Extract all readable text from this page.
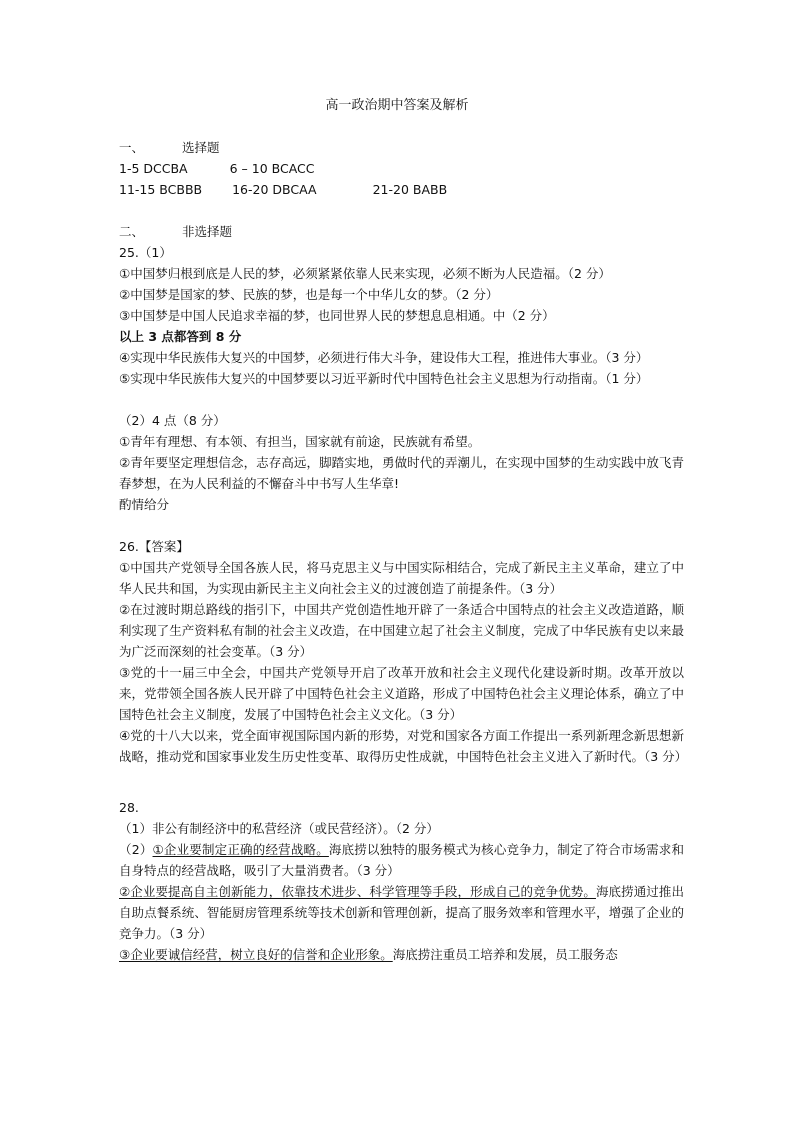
高一政治期中答案及解析
一、	选择题
1-5 DCCBA	6 – 10 BCACC
11-15 BCBBB 16-20 DBCAA	21-20 BABB
二、	非选择题
25.（1）
①中国梦归根到底是人民的梦，必须紧紧依靠人民来实现，必须不断为人民造福。（2 分）
②中国梦是国家的梦、民族的梦，也是每一个中华儿女的梦。（2 分）
③中国梦是中国人民追求幸福的梦，也同世界人民的梦想息息相通。中（2 分）
以上 3 点都答到 8 分
④实现中华民族伟大复兴的中国梦，必须进行伟大斗争，建设伟大工程，推进伟大事业。（3 分）
⑤实现中华民族伟大复兴的中国梦要以习近平新时代中国特色社会主义思想为行动指南。（1 分）
（2）4 点（8 分）
①青年有理想、有本领、有担当，国家就有前途，民族就有希望。
②青年要坚定理想信念，志存高远，脚踏实地，勇做时代的弄潮儿，在实现中国梦的生动实践中放飞青春梦想，在为人民利益的不懈奋斗中书写人生华章!
酌情给分
26.【答案】
①中国共产党领导全国各族人民，将马克思主义与中国实际相结合，完成了新民主主义革命，建立了中华人民共和国，为实现由新民主主义向社会主义的过渡创造了前提条件。（3 分）
②在过渡时期总路线的指引下，中国共产党创造性地开辟了一条适合中国特点的社会主义改造道路，顺利实现了生产资料私有制的社会主义改造，在中国建立起了社会主义制度，完成了中华民族有史以来最为广泛而深刻的社会变革。（3 分）
③党的十一届三中全会，中国共产党领导开启了改革开放和社会主义现代化建设新时期。改革开放以来，党带领全国各族人民开辟了中国特色社会主义道路，形成了中国特色社会主义理论体系，确立了中国特色社会主义制度，发展了中国特色社会主义文化。（3 分）
④党的十八大以来，党全面审视国际国内新的形势，对党和国家各方面工作提出一系列新理念新思想新战略，推动党和国家事业发生历史性变革、取得历史性成就，中国特色社会主义进入了新时代。（3 分）
28.
（1）非公有制经济中的私营经济（或民营经济）。（2 分）
（2）①企业要制定正确的经营战略。海底捞以独特的服务模式为核心竞争力，制定了符合市场需求和自身特点的经营战略，吸引了大量消费者。（3 分）
②企业要提高自主创新能力，依靠技术进步、科学管理等手段，形成自己的竞争优势。海底捞通过推出自助点餐系统、智能厨房管理系统等技术创新和管理创新，提高了服务效率和管理水平，增强了企业的竞争力。（3 分）
③企业要诚信经营，树立良好的信誉和企业形象。海底捞注重员工培养和发展，员工服务态
